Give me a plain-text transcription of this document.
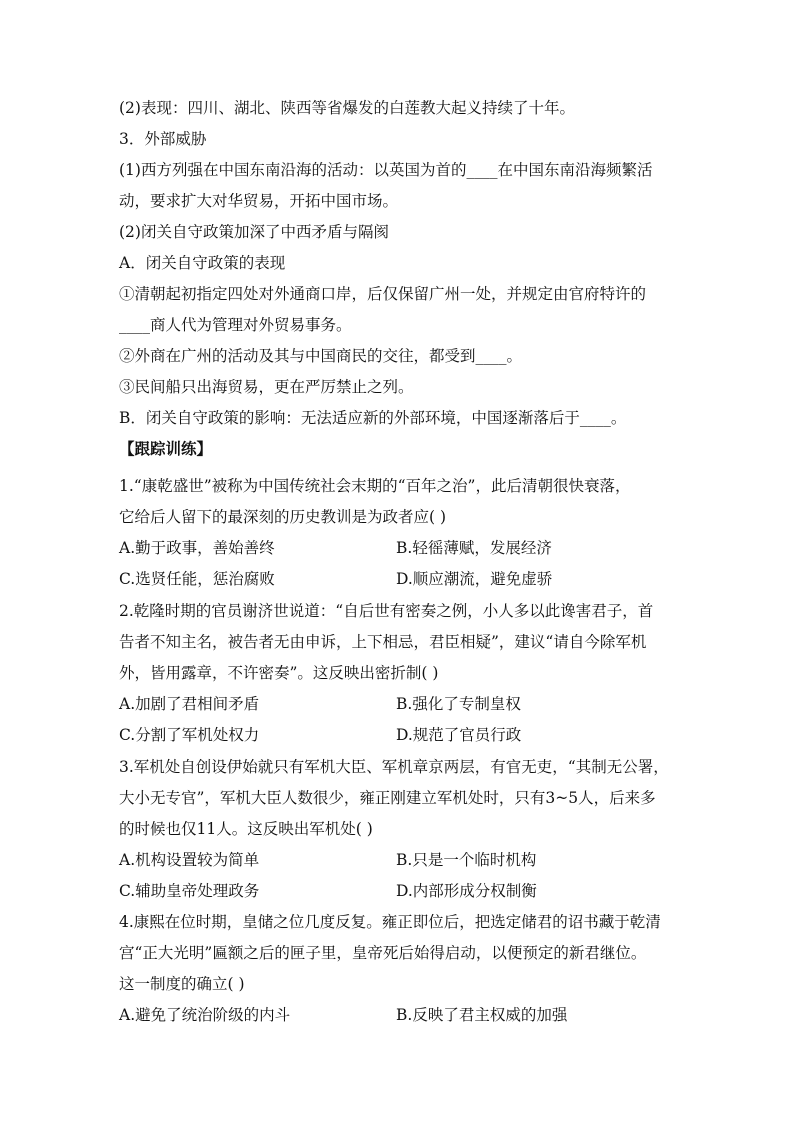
(2)表现：四川、湖北、陕西等省爆发的白莲教大起义持续了十年。
3．外部威胁
(1)西方列强在中国东南沿海的活动：以英国为首的____在中国东南沿海频繁活
动，要求扩大对华贸易，开拓中国市场。
(2)闭关自守政策加深了中西矛盾与隔阂
A．闭关自守政策的表现
①清朝起初指定四处对外通商口岸，后仅保留广州一处，并规定由官府特许的
____商人代为管理对外贸易事务。
②外商在广州的活动及其与中国商民的交往，都受到____。
③民间船只出海贸易，更在严厉禁止之列。
B．闭关自守政策的影响：无法适应新的外部环境，中国逐渐落后于____。
【跟踪训练】
1.“康乾盛世”被称为中国传统社会末期的“百年之治”，此后清朝很快衰落，
它给后人留下的最深刻的历史教训是为政者应( )
A.勤于政事，善始善终	B.轻徭薄赋，发展经济
C.选贤任能，惩治腐败	D.顺应潮流，避免虚骄
2.乾隆时期的官员谢济世说道：“自后世有密奏之例，小人多以此谗害君子，首
告者不知主名，被告者无由申诉，上下相忌，君臣相疑”，建议“请自今除军机
外，皆用露章，不许密奏”。这反映出密折制( )
A.加剧了君相间矛盾	B.强化了专制皇权
C.分割了军机处权力	D.规范了官员行政
3.军机处自创设伊始就只有军机大臣、军机章京两层，有官无吏，“其制无公署，
大小无专官”，军机大臣人数很少，雍正刚建立军机处时，只有3~5人，后来多
的时候也仅11人。这反映出军机处( )
A.机构设置较为简单	B.只是一个临时机构
C.辅助皇帝处理政务	D.内部形成分权制衡
4.康熙在位时期，皇储之位几度反复。雍正即位后，把选定储君的诏书藏于乾清
宫“正大光明”匾额之后的匣子里，皇帝死后始得启动，以便预定的新君继位。
这一制度的确立( )
A.避免了统治阶级的内斗	B.反映了君主权威的加强
